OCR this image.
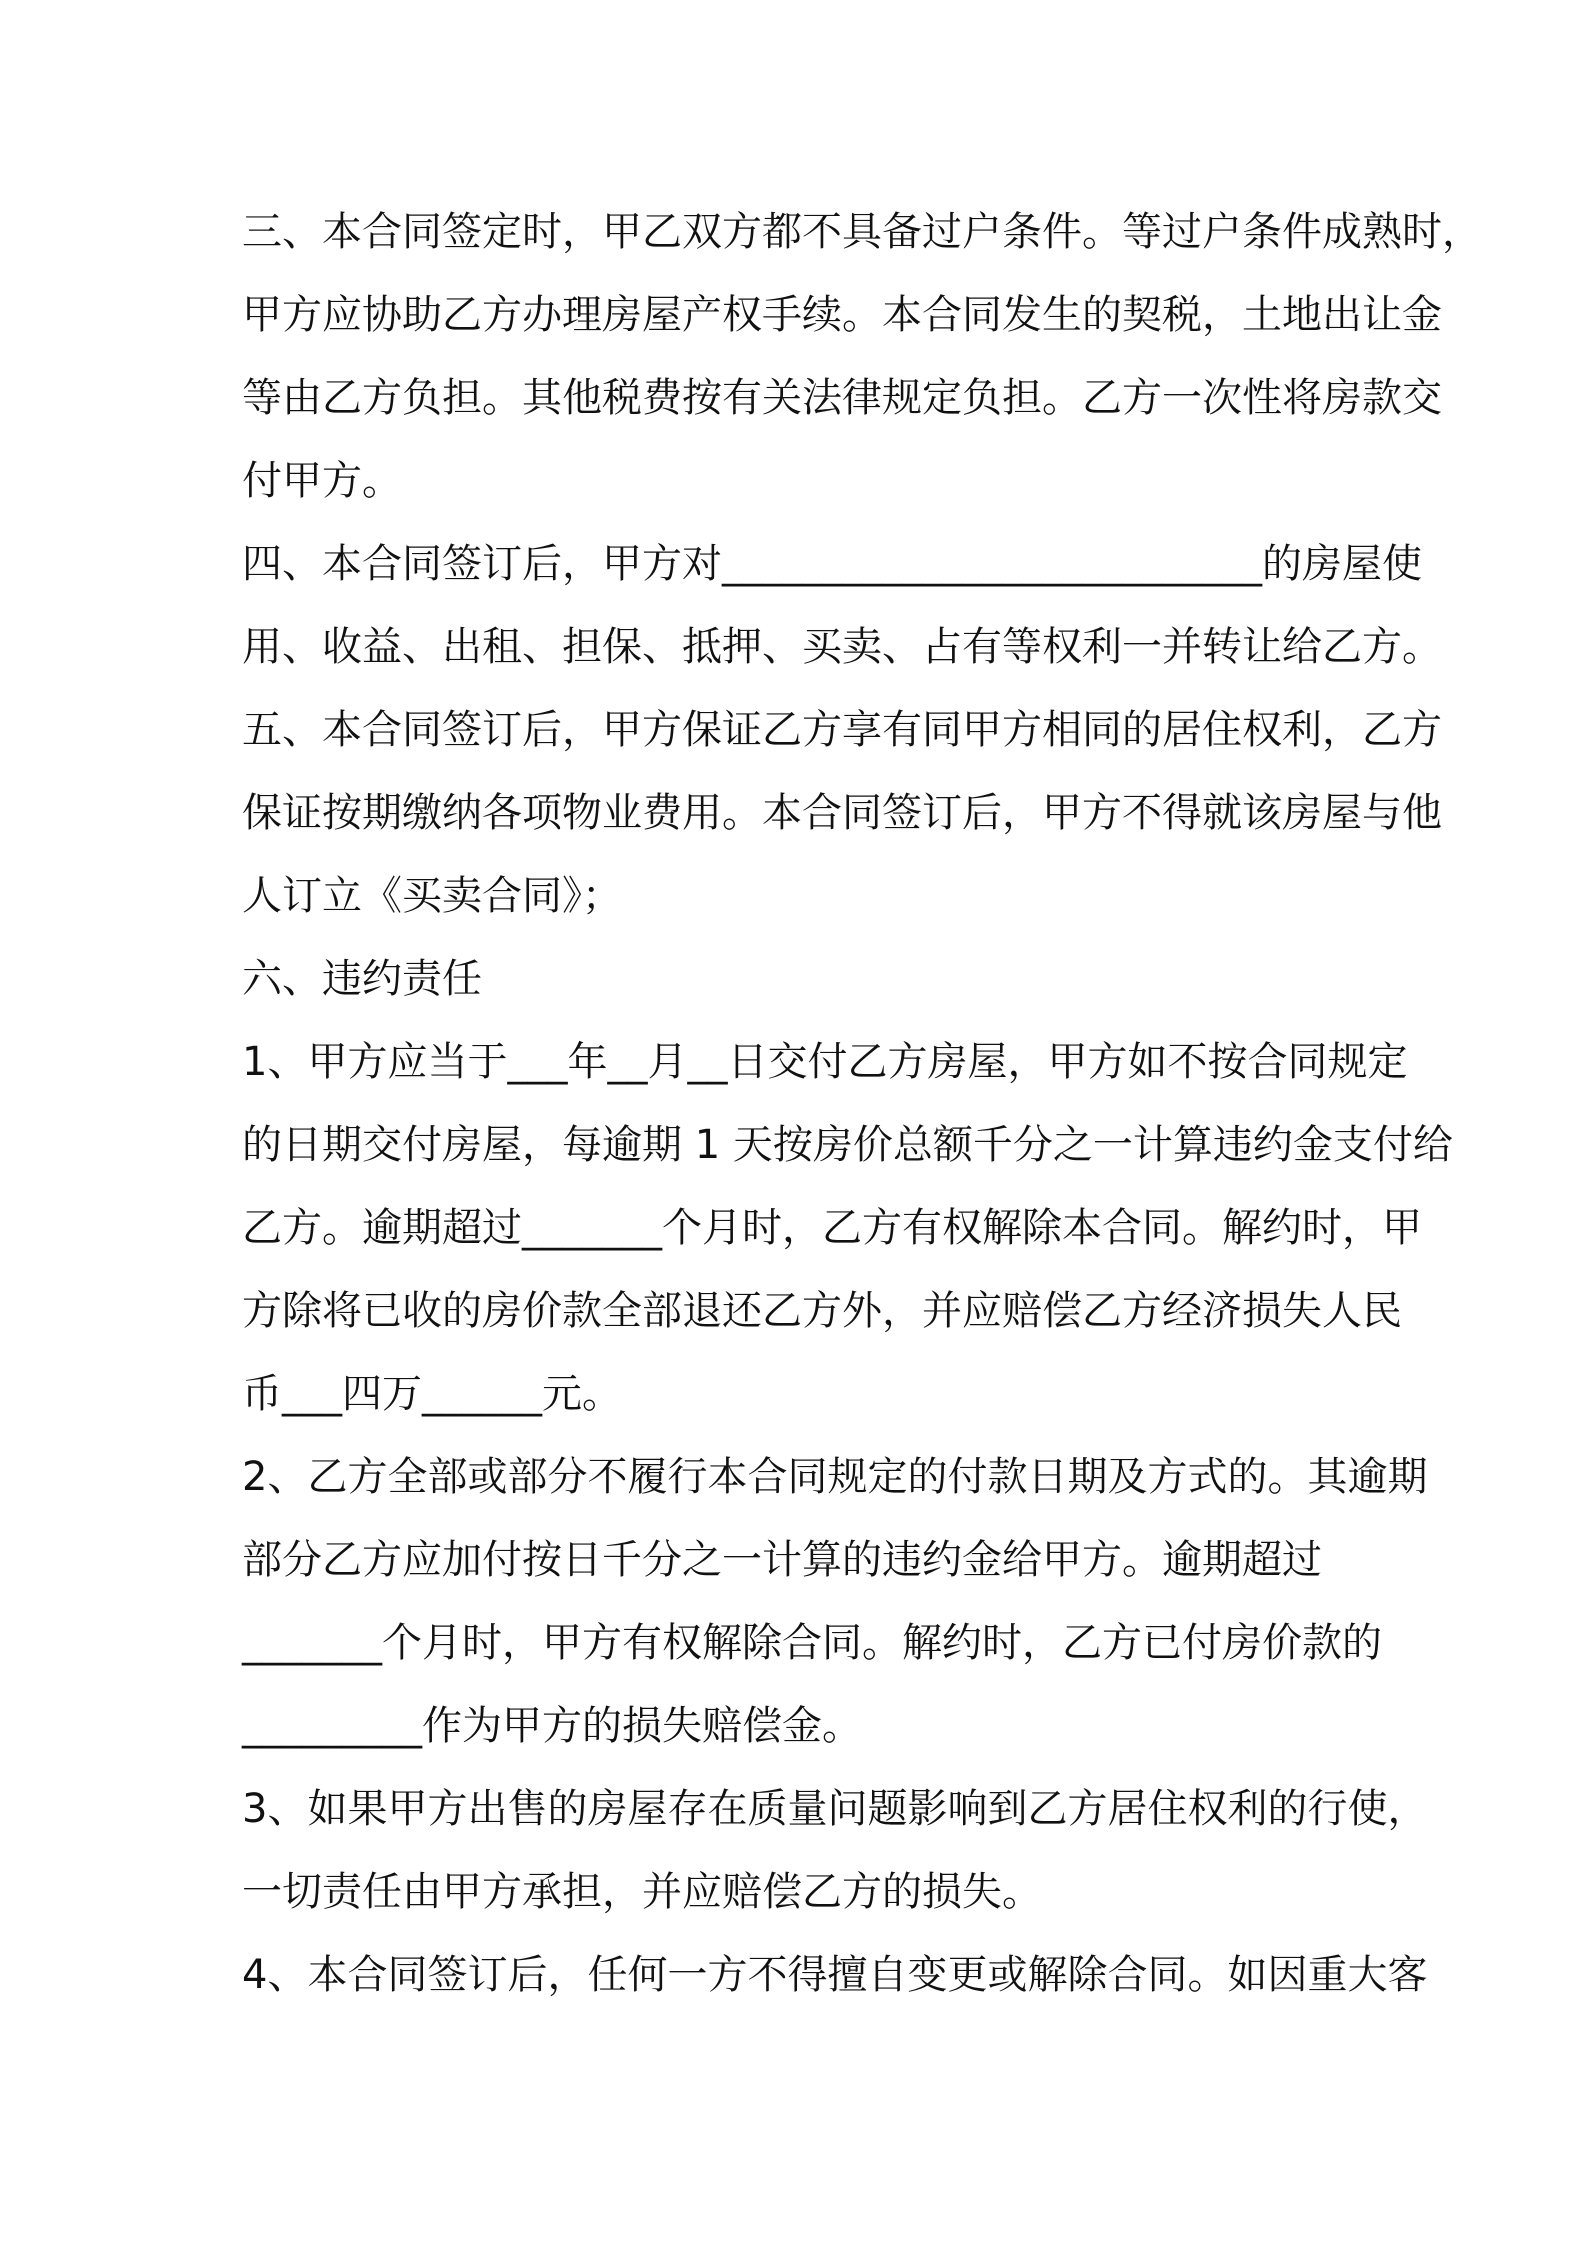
三、本合同签定时，甲乙双方都不具备过户条件。等过户条件成熟时，
甲方应协助乙方办理房屋产权手续。本合同发生的契税，土地出让金
等由乙方负担。其他税费按有关法律规定负担。乙方一次性将房款交
付甲方。
四、本合同签订后，甲方对___________________________的房屋使
用、收益、出租、担保、抵押、买卖、占有等权利一并转让给乙方。
五、本合同签订后，甲方保证乙方享有同甲方相同的居住权利，乙方
保证按期缴纳各项物业费用。本合同签订后，甲方不得就该房屋与他
人订立《买卖合同》；
六、违约责任
1、甲方应当于___年__月__日交付乙方房屋，甲方如不按合同规定
的日期交付房屋，每逾期 1 天按房价总额千分之一计算违约金支付给
乙方。逾期超过_______个月时，乙方有权解除本合同。解约时，甲
方除将已收的房价款全部退还乙方外，并应赔偿乙方经济损失人民
币___四万______元。
2、乙方全部或部分不履行本合同规定的付款日期及方式的。其逾期
部分乙方应加付按日千分之一计算的违约金给甲方。逾期超过
_______个月时，甲方有权解除合同。解约时，乙方已付房价款的
_________作为甲方的损失赔偿金。
3、如果甲方出售的房屋存在质量问题影响到乙方居住权利的行使，
一切责任由甲方承担，并应赔偿乙方的损失。
4、本合同签订后，任何一方不得擅自变更或解除合同。如因重大客
